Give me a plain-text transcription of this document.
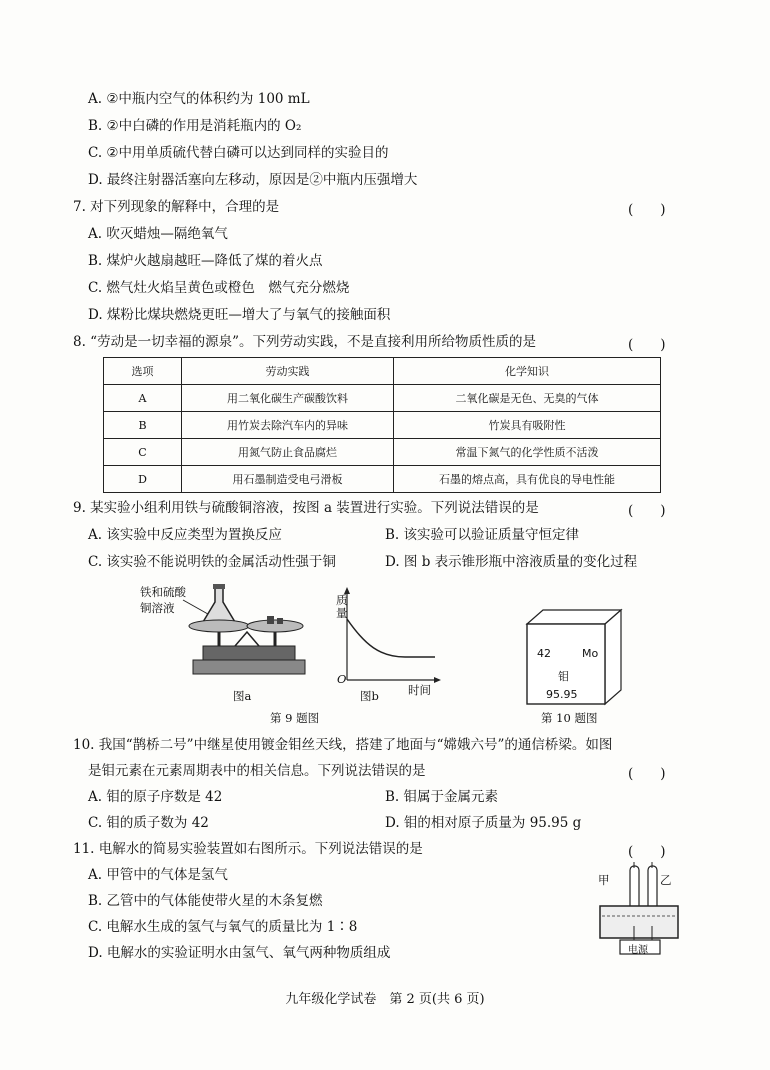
A. ②中瓶内空气的体积约为 100 mL
B. ②中白磷的作用是消耗瓶内的 O₂
C. ②中用单质硫代替白磷可以达到同样的实验目的
D. 最终注射器活塞向左移动，原因是②中瓶内压强增大
7. 对下列现象的解释中，合理的是	(　　)
A. 吹灭蜡烛—隔绝氧气
B. 煤炉火越扇越旺—降低了煤的着火点
C. 燃气灶火焰呈黄色或橙色　燃气充分燃烧
D. 煤粉比煤块燃烧更旺—增大了与氧气的接触面积
8. “劳动是一切幸福的源泉”。下列劳动实践，不是直接利用所给物质性质的是	(　　)
选项	劳动实践	化学知识
A	用二氧化碳生产碳酸饮料	二氧化碳是无色、无臭的气体
B	用竹炭去除汽车内的异味	竹炭具有吸附性
C	用氮气防止食品腐烂	常温下氮气的化学性质不活泼
D	用石墨制造受电弓滑板	石墨的熔点高，具有优良的导电性能
9. 某实验小组利用铁与硫酸铜溶液，按图 a 装置进行实验。下列说法错误的是	(　　)
A. 该实验中反应类型为置换反应	B. 该实验可以验证质量守恒定律
C. 该实验不能说明铁的金属活动性强于铜	D. 图 b 表示锥形瓶中溶液质量的变化过程
铁和硫酸
铜溶液
图a
质量
时间
O
图b
第 9 题图
42	Mo
钼
95.95
第 10 题图
10. 我国“鹊桥二号”中继星使用镀金钼丝天线，搭建了地面与“嫦娥六号”的通信桥梁。如图
是钼元素在元素周期表中的相关信息。下列说法错误的是	(　　)
A. 钼的原子序数是 42	B. 钼属于金属元素
C. 钼的质子数为 42	D. 钼的相对原子质量为 95.95 g
11. 电解水的简易实验装置如右图所示。下列说法错误的是	(　　)
A. 甲管中的气体是氢气
B. 乙管中的气体能使带火星的木条复燃
C. 电解水生成的氢气与氧气的质量比为 1∶8
D. 电解水的实验证明水由氢气、氧气两种物质组成
甲	乙
电源
九年级化学试卷　第 2 页(共 6 页)
